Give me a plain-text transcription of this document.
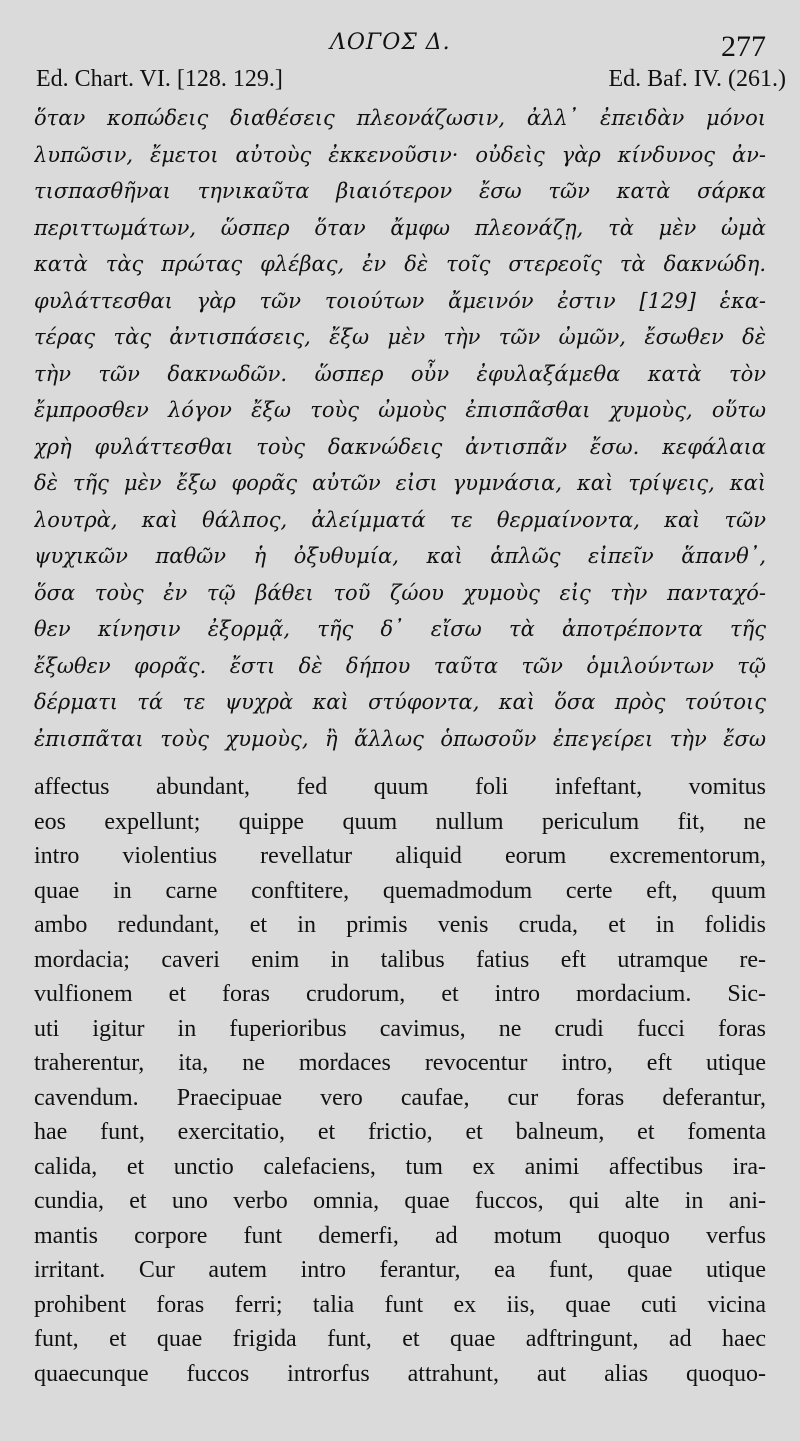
ΛΟΓΟΣ Δ.	277
Ed. Chart. VI. [128. 129.]	Ed. Baf. IV. (261.)
ὅταν κοπώδεις διαθέσεις πλεονάζωσιν, ἀλλ᾽ ἐπειδὰν μόνοι
λυπῶσιν, ἔμετοι αὐτοὺς ἐκκενοῦσιν· οὐδεὶς γὰρ κίνδυνος ἀν-
τισπασθῆναι τηνικαῦτα βιαιότερον ἔσω τῶν κατὰ σάρκα
περιττωμάτων, ὥσπερ ὅταν ἄμφω πλεονάζῃ, τὰ μὲν ὠμὰ
κατὰ τὰς πρώτας φλέβας, ἐν δὲ τοῖς στερεοῖς τὰ δακνώδη.
φυλάττεσθαι γὰρ τῶν τοιούτων ἄμεινόν ἐστιν [129] ἑκα-
τέρας τὰς ἀντισπάσεις, ἔξω μὲν τὴν τῶν ὠμῶν, ἔσωθεν δὲ
τὴν τῶν δακνωδῶν. ὥσπερ οὖν ἐφυλαξάμεθα κατὰ τὸν
ἔμπροσθεν λόγον ἔξω τοὺς ὠμοὺς ἐπισπᾶσθαι χυμοὺς, οὕτω
χρὴ φυλάττεσθαι τοὺς δακνώδεις ἀντισπᾶν ἔσω. κεφάλαια
δὲ τῆς μὲν ἔξω φορᾶς αὐτῶν εἰσι γυμνάσια, καὶ τρίψεις, καὶ
λουτρὰ, καὶ θάλπος, ἀλείμματά τε θερμαίνοντα, καὶ τῶν
ψυχικῶν παθῶν ἡ ὀξυθυμία, καὶ ἁπλῶς εἰπεῖν ἅπανθ᾽,
ὅσα τοὺς ἐν τῷ βάθει τοῦ ζώου χυμοὺς εἰς τὴν πανταχό-
θεν κίνησιν ἐξορμᾷ, τῆς δ᾽ εἴσω τὰ ἀποτρέποντα τῆς
ἔξωθεν φορᾶς. ἔστι δὲ δήπου ταῦτα τῶν ὁμιλούντων τῷ
δέρματι τά τε ψυχρὰ καὶ στύφοντα, καὶ ὅσα πρὸς τούτοις
ἐπισπᾶται τοὺς χυμοὺς, ἢ ἄλλως ὁπωσοῦν ἐπεγείρει τὴν ἔσω
affectus abundant, fed quum foli infeftant, vomitus
eos expellunt; quippe quum nullum periculum fit, ne
intro violentius revellatur aliquid eorum excrementorum,
quae in carne conftitere, quemadmodum certe eft, quum
ambo redundant, et in primis venis cruda, et in folidis
mordacia; caveri enim in talibus fatius eft utramque re-
vulfionem et foras crudorum, et intro mordacium. Sic-
uti igitur in fuperioribus cavimus, ne crudi fucci foras
traherentur, ita, ne mordaces revocentur intro, eft utique
cavendum. Praecipuae vero caufae, cur foras deferantur,
hae funt, exercitatio, et frictio, et balneum, et fomenta
calida, et unctio calefaciens, tum ex animi affectibus ira-
cundia, et uno verbo omnia, quae fuccos, qui alte in ani-
mantis corpore funt demerfi, ad motum quoquo verfus
irritant. Cur autem intro ferantur, ea funt, quae utique
prohibent foras ferri; talia funt ex iis, quae cuti vicina
funt, et quae frigida funt, et quae adftringunt, ad haec
quaecunque fuccos introrfus attrahunt, aut alias quoquo-
